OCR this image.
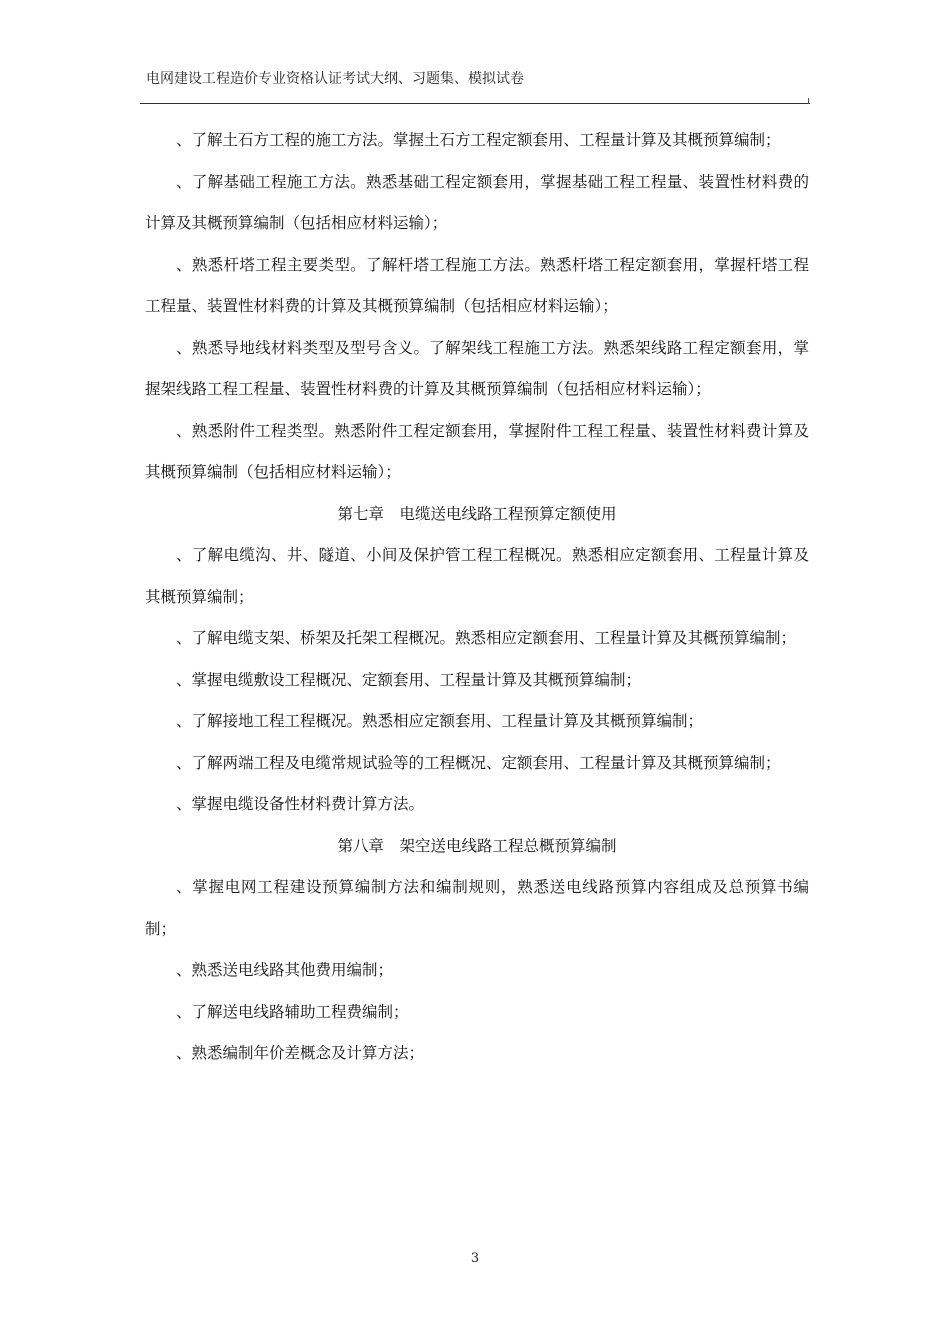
电网建设工程造价专业资格认证考试大纲、习题集、模拟试卷

、了解土石方工程的施工方法。掌握土石方工程定额套用、工程量计算及其概预算编制；

、了解基础工程施工方法。熟悉基础工程定额套用，掌握基础工程工程量、装置性材料费的计算及其概预算编制（包括相应材料运输）；

、熟悉杆塔工程主要类型。了解杆塔工程施工方法。熟悉杆塔工程定额套用，掌握杆塔工程工程量、装置性材料费的计算及其概预算编制（包括相应材料运输）；

、熟悉导地线材料类型及型号含义。了解架线工程施工方法。熟悉架线路工程定额套用，掌握架线路工程工程量、装置性材料费的计算及其概预算编制（包括相应材料运输）；

、熟悉附件工程类型。熟悉附件工程定额套用，掌握附件工程工程量、装置性材料费计算及其概预算编制（包括相应材料运输）；

第七章　电缆送电线路工程预算定额使用

、了解电缆沟、井、隧道、小间及保护管工程工程概况。熟悉相应定额套用、工程量计算及其概预算编制；

、了解电缆支架、桥架及托架工程概况。熟悉相应定额套用、工程量计算及其概预算编制；

、掌握电缆敷设工程概况、定额套用、工程量计算及其概预算编制；

、了解接地工程工程概况。熟悉相应定额套用、工程量计算及其概预算编制；

、了解两端工程及电缆常规试验等的工程概况、定额套用、工程量计算及其概预算编制；

、掌握电缆设备性材料费计算方法。

第八章　架空送电线路工程总概预算编制

、掌握电网工程建设预算编制方法和编制规则，熟悉送电线路预算内容组成及总预算书编制；

、熟悉送电线路其他费用编制；

、了解送电线路辅助工程费编制；

、熟悉编制年价差概念及计算方法；

3
